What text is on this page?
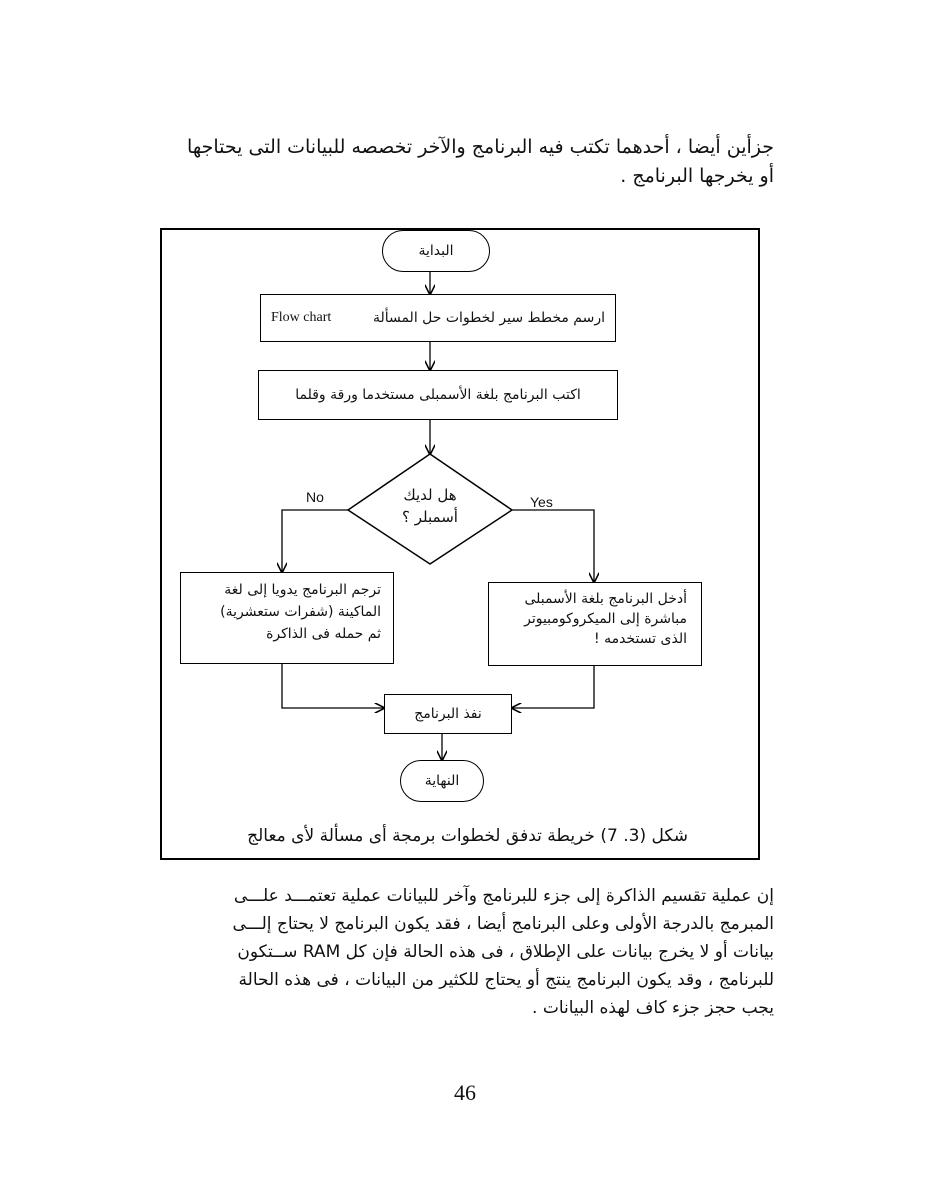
جزأين أيضا ، أحدهما تكتب فيه البرنامج والآخر تخصصه للبيانات التى يحتاجها
أو يخرجها البرنامج .
البداية
ارسم مخطط سير لخطوات حل المسألة
Flow chart
اكتب البرنامج بلغة الأسمبلى مستخدما ورقة وقلما
هل لديك
أسمبلر ؟
No	Yes
ترجم البرنامج يدويا إلى لغة
الماكينة (شفرات ستعشرية)
ثم حمله فى الذاكرة
أدخل البرنامج بلغة الأسمبلى
مباشرة إلى الميكروكومبيوتر
الذى تستخدمه !
نفذ البرنامج
النهاية
شكل (3. 7) خريطة تدفق لخطوات برمجة أى مسألة لأى معالج
إن عملية تقسيم الذاكرة إلى جزء للبرنامج وآخر للبيانات عملية تعتمـــد علـــى
المبرمج بالدرجة الأولى وعلى البرنامج أيضا ، فقد يكون البرنامج لا يحتاج إلـــى
بيانات أو لا يخرج بيانات على الإطلاق ، فى هذه الحالة فإن كل RAM ســتكون
للبرنامج ، وقد يكون البرنامج ينتج أو يحتاج للكثير من البيانات ، فى هذه الحالة
يجب حجز جزء كاف لهذه البيانات .
46
